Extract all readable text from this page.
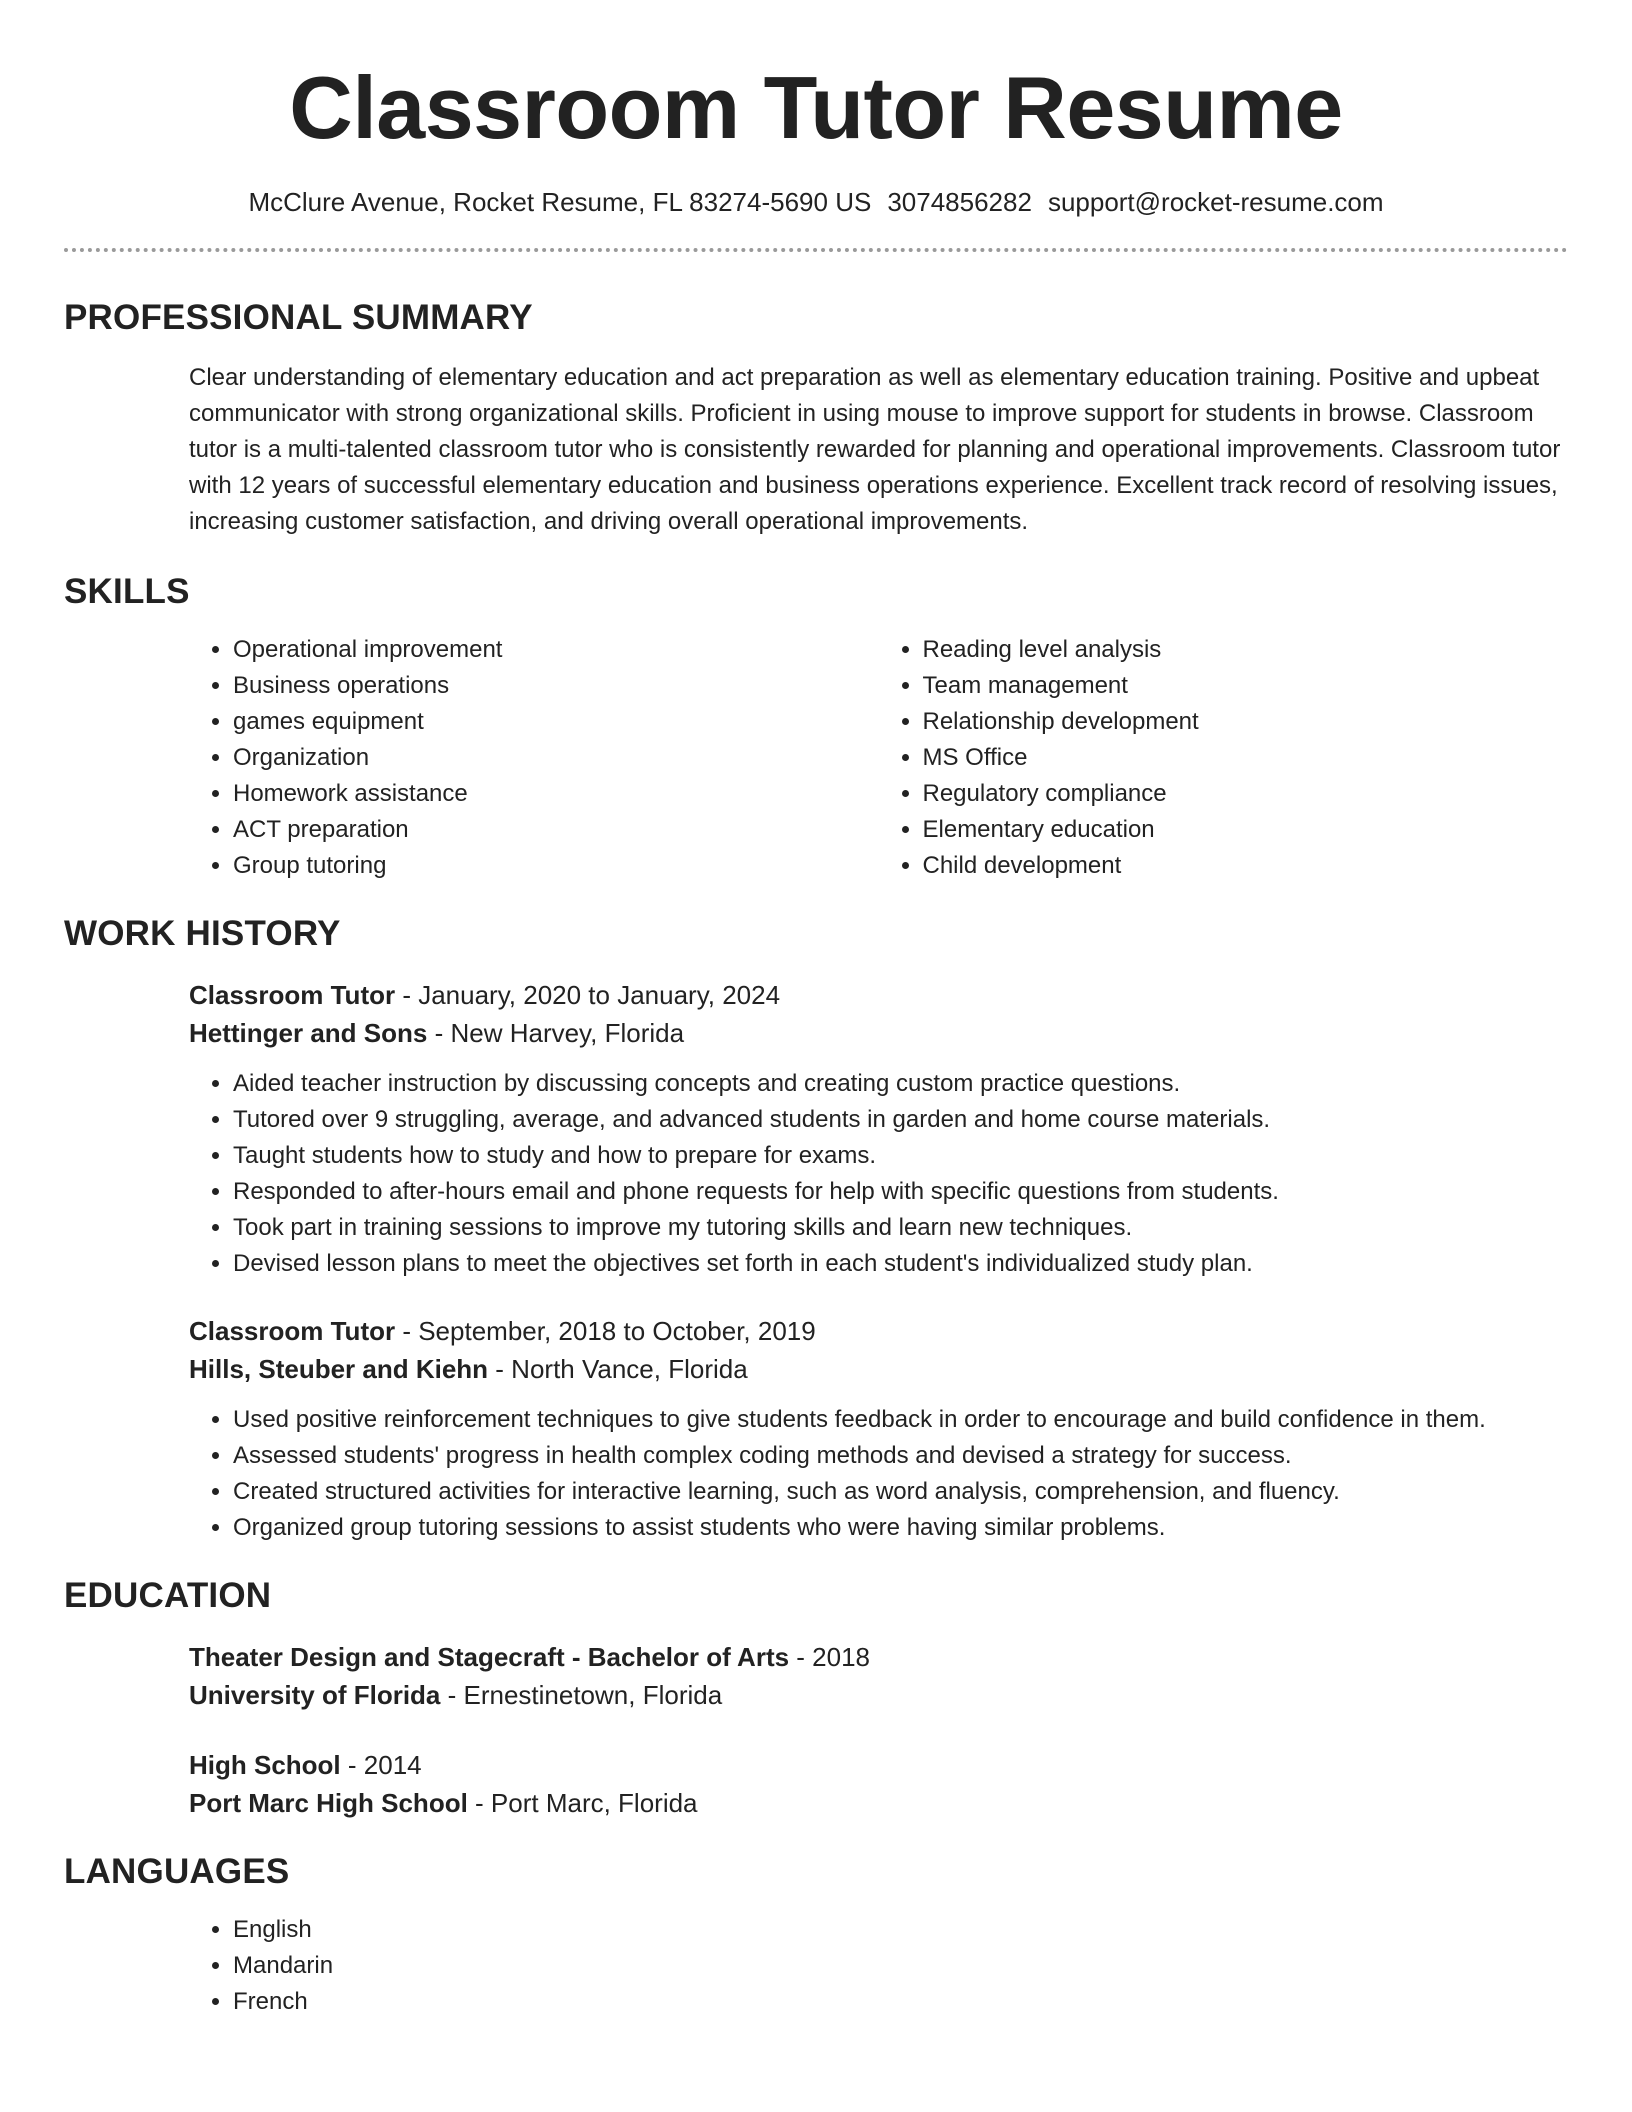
Classroom Tutor Resume
McClure Avenue, Rocket Resume, FL 83274-5690 US 3074856282 support@rocket-resume.com
PROFESSIONAL SUMMARY
Clear understanding of elementary education and act preparation as well as elementary education training. Positive and upbeat communicator with strong organizational skills. Proficient in using mouse to improve support for students in browse. Classroom tutor is a multi-talented classroom tutor who is consistently rewarded for planning and operational improvements. Classroom tutor with 12 years of successful elementary education and business operations experience. Excellent track record of resolving issues, increasing customer satisfaction, and driving overall operational improvements.
SKILLS
• Operational improvement
• Business operations
• games equipment
• Organization
• Homework assistance
• ACT preparation
• Group tutoring
• Reading level analysis
• Team management
• Relationship development
• MS Office
• Regulatory compliance
• Elementary education
• Child development
WORK HISTORY
Classroom Tutor - January, 2020 to January, 2024
Hettinger and Sons - New Harvey, Florida
• Aided teacher instruction by discussing concepts and creating custom practice questions.
• Tutored over 9 struggling, average, and advanced students in garden and home course materials.
• Taught students how to study and how to prepare for exams.
• Responded to after-hours email and phone requests for help with specific questions from students.
• Took part in training sessions to improve my tutoring skills and learn new techniques.
• Devised lesson plans to meet the objectives set forth in each student's individualized study plan.
Classroom Tutor - September, 2018 to October, 2019
Hills, Steuber and Kiehn - North Vance, Florida
• Used positive reinforcement techniques to give students feedback in order to encourage and build confidence in them.
• Assessed students' progress in health complex coding methods and devised a strategy for success.
• Created structured activities for interactive learning, such as word analysis, comprehension, and fluency.
• Organized group tutoring sessions to assist students who were having similar problems.
EDUCATION
Theater Design and Stagecraft - Bachelor of Arts - 2018
University of Florida - Ernestinetown, Florida
High School - 2014
Port Marc High School - Port Marc, Florida
LANGUAGES
• English
• Mandarin
• French
